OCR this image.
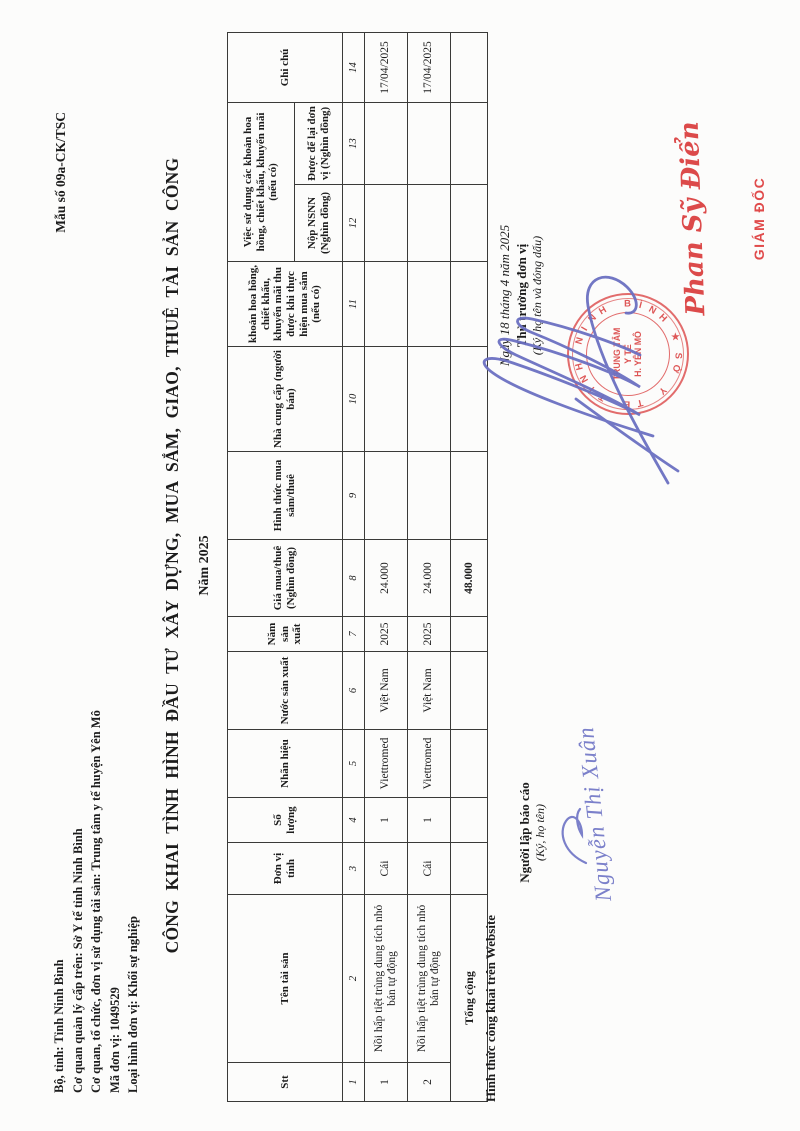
Bộ, tỉnh: Tỉnh Ninh Bình Cơ quan quản lý cấp trên: Sở Y tế tỉnh Ninh Bình Cơ quan, tổ chức, đơn vị sử dụng tài sản: Trung tâm y tế huyện Yên Mô Mã đơn vị: 1049529 Loại hình đơn vị: Khối sự nghiệp
Mẫu số 09a-CK/TSC	CÔNG KHAI TÌNH HÌNH ĐẦU TƯ XÂY DỰNG, MUA SẮM, GIAO, THUÊ TÀI SẢN CÔNG Năm 2025
Stt	Tên tài sản	Đơn vị tính	Số lượng	Nhãn hiệu	Nước sản xuất	Năm sản xuất	Giá mua/thuê (Nghìn đồng)	Hình thức mua sắm/thuê	Nhà cung cấp (người bán)	khoản hoa hồng, chiết khấu, khuyến mãi thu được khi thực hiện mua sắm (nếu có)	Việc sử dụng các khoản hoa hồng, chiết khấu, khuyến mãi (nếu có)		Ghi chú
											Nộp NSNN (Nghìn đồng)	Được để lại đơn vị (Nghìn đồng)	
1	2	3	4	5	6	7	8	9	10	11	12	13	14
1	Nồi hấp tiệt trùng dung tích nhỏ bán tự động	Cái	1	Viettromed	Việt Nam	2025	24.000						17/04/2025
2	Nồi hấp tiệt trùng dung tích nhỏ bán tự động	Cái	1	Viettromed	Việt Nam	2025	24.000						17/04/2025
Tổng cộng							48.000						
Hình thức công khai trên Website
Người lập báo cáo (Ký, họ tên) Nguyễn Thị Xuân
Ngày 18 tháng 4 năm 2025 Thủ trưởng đơn vị (Ký, họ tên và đóng dấu)	TRUNG TÂM Y TẾ H. YÊN MÔ	S
Ở
Y
T
Ế
T
Ỉ
N
H
N
I
N
H
B Ì N
H
★
Phan Sỹ Điển	GIÁM ĐỐC
